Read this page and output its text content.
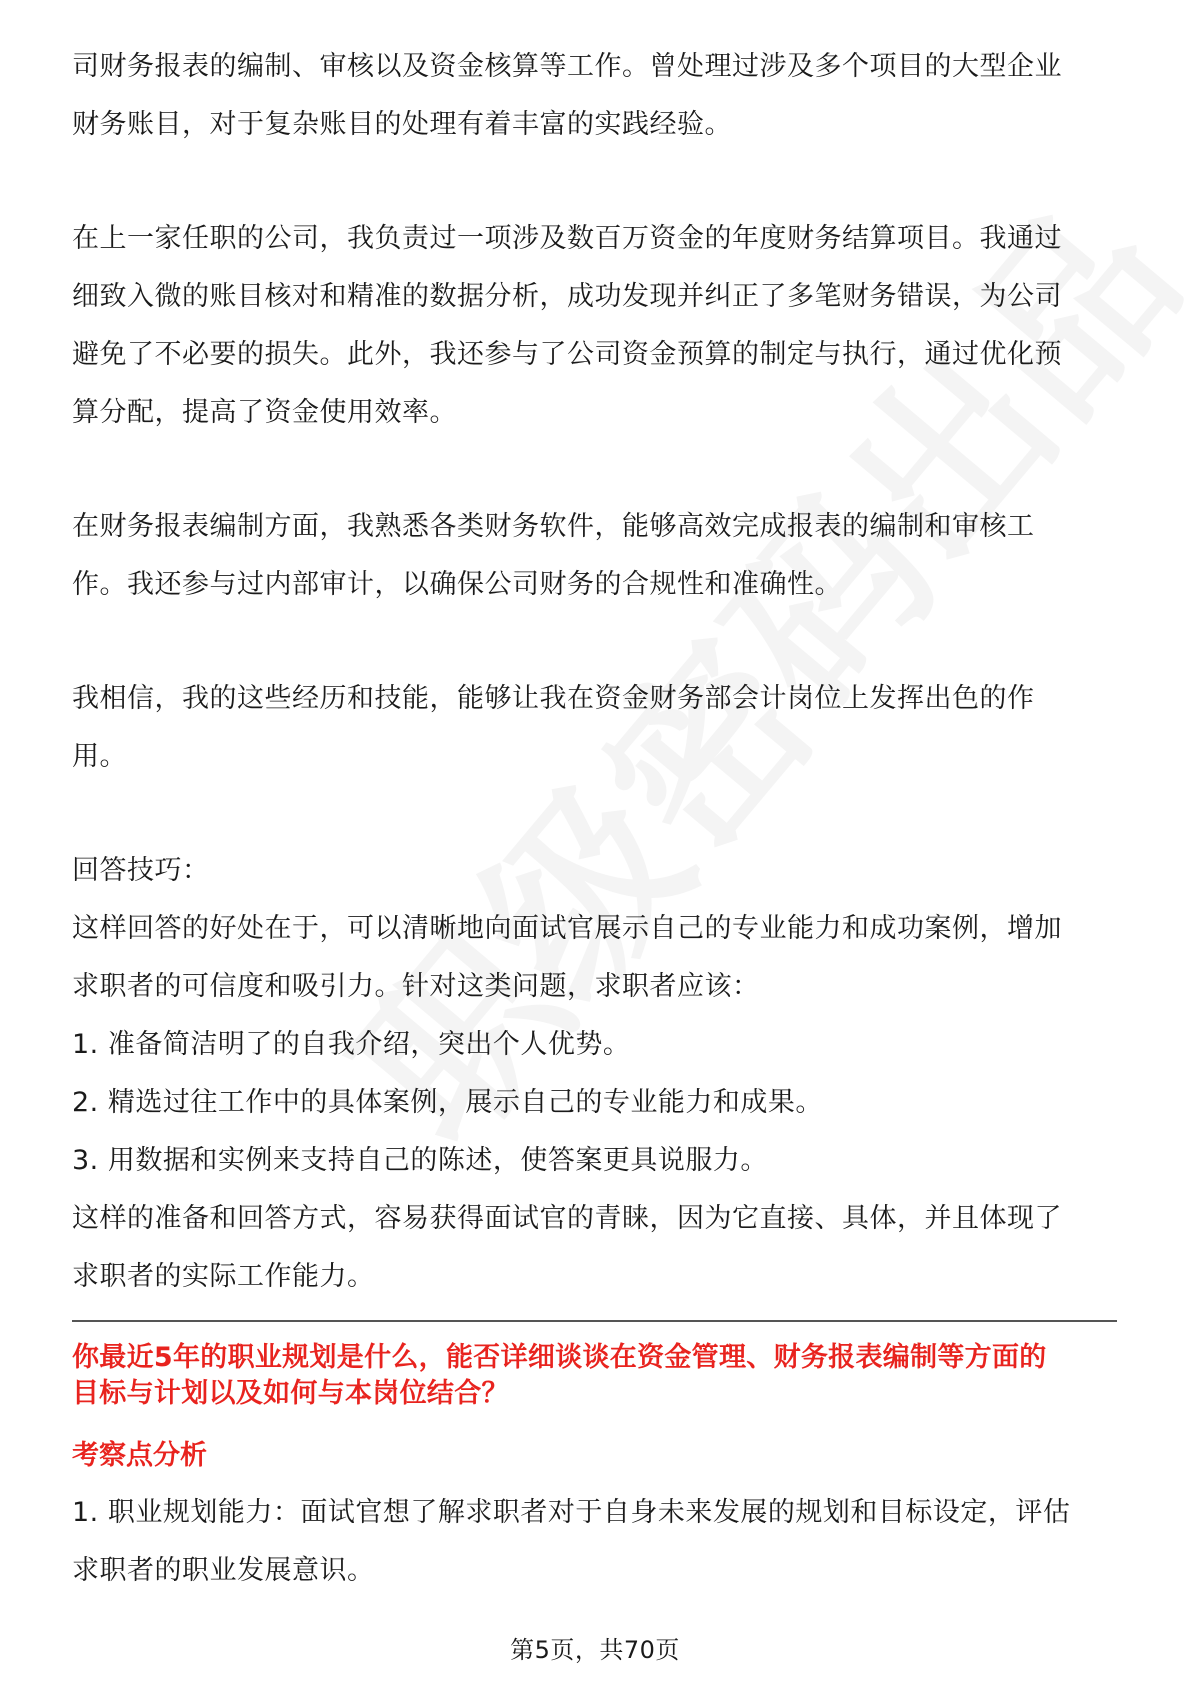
司财务报表的编制、审核以及资金核算等工作。曾处理过涉及多个项目的大型企业

财务账目，对于复杂账目的处理有着丰富的实践经验。

在上一家任职的公司，我负责过一项涉及数百万资金的年度财务结算项目。我通过

细致入微的账目核对和精准的数据分析，成功发现并纠正了多笔财务错误，为公司

避免了不必要的损失。此外，我还参与了公司资金预算的制定与执行，通过优化预

算分配，提高了资金使用效率。

在财务报表编制方面，我熟悉各类财务软件，能够高效完成报表的编制和审核工

作。我还参与过内部审计，以确保公司财务的合规性和准确性。

我相信，我的这些经历和技能，能够让我在资金财务部会计岗位上发挥出色的作

用。

回答技巧：

这样回答的好处在于，可以清晰地向面试官展示自己的专业能力和成功案例，增加

求职者的可信度和吸引力。针对这类问题，求职者应该：

1. 准备简洁明了的自我介绍，突出个人优势。

2. 精选过往工作中的具体案例，展示自己的专业能力和成果。

3. 用数据和实例来支持自己的陈述，使答案更具说服力。

这样的准备和回答方式，容易获得面试官的青睐，因为它直接、具体，并且体现了

求职者的实际工作能力。

你最近5年的职业规划是什么，能否详细谈谈在资金管理、财务报表编制等方面的

目标与计划以及如何与本岗位结合？

考察点分析

1. 职业规划能力：面试官想了解求职者对于自身未来发展的规划和目标设定，评估

求职者的职业发展意识。

第5页，共70页
